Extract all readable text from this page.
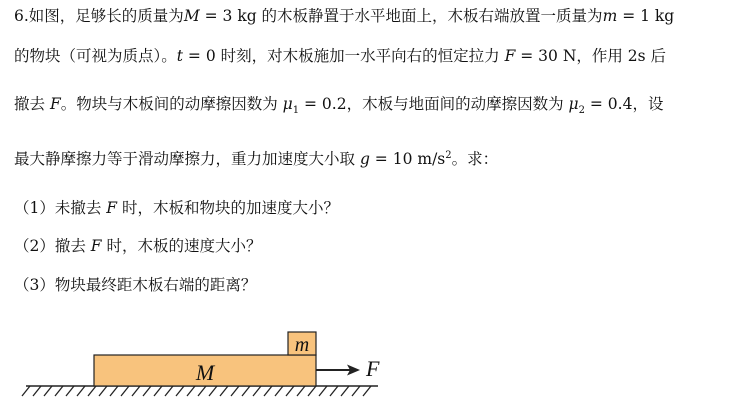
6.如图，足够长的质量为M = 3 kg 的木板静置于水平地面上，木板右端放置一质量为m = 1 kg
的物块（可视为质点）。t = 0 时刻，对木板施加一水平向右的恒定拉力 F = 30 N，作用 2s 后
撤去 F。物块与木板间的动摩擦因数为 $\mu_1 = 0.2$，木板与地面间的动摩擦因数为 $\mu_2 = 0.4$，设
最大静摩擦力等于滑动摩擦力，重力加速度大小取 g = 10 $m/s^2$。求：
（1）未撤去 F 时，木板和物块的加速度大小？
（2）撤去 F 时，木板的速度大小？
（3）物块最终距木板右端的距离？
M
m
F
